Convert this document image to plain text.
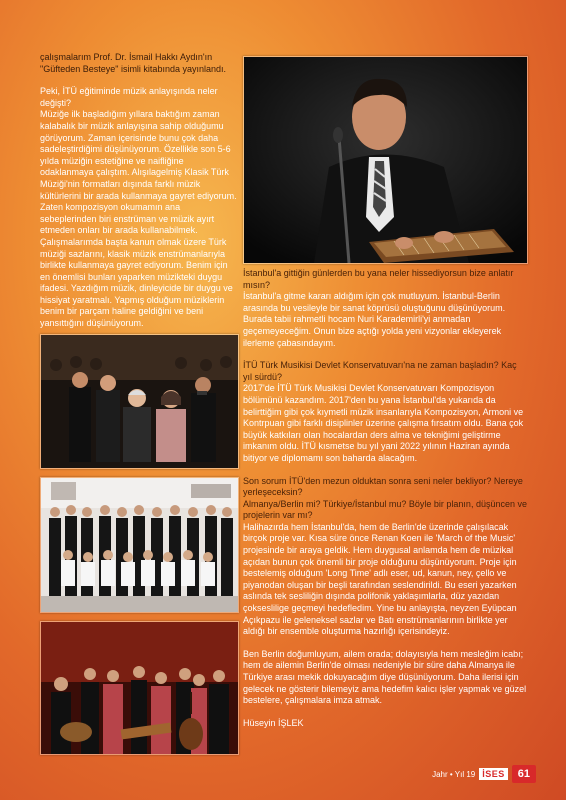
çalışmalarım Prof. Dr. İsmail Hakkı Aydın'ın "Güfteden Besteye" isimli kitabında yayınlandı.

Peki, İTÜ eğitiminde müzik anlayışında neler değişti?

Müziğe ilk başladığım yıllara baktığım zaman kalabalık bir müzik anlayışına sahip olduğumu görüyorum. Zaman içerisinde bunu çok daha sadeleştirdiğimi düşünüyorum. Özellikle son 5-6 yılda müziğin estetiğine ve naifliğine odaklanmaya çalıştım. Alışılagelmiş Klasik Türk Müziği'nin formatları dışında farklı müzik kültürlerini bir arada kullanmaya gayret ediyorum. Zaten kompozisyon okumamın ana sebeplerinden biri enstrüman ve müzik ayırt etmeden onları bir arada kullanabilmek. Çalışmalarımda başta kanun olmak üzere Türk müziği sazlarını, klasik müzik enstrümanlarıyla birlikte kullanmaya gayret ediyorum. Benim için en önemlisi bunları yaparken müzikteki duygu ifadesi. Yazdığım müzik, dinleyicide bir duygu ve hissiyat yaratmalı. Yapmış olduğum müziklerin benim bir parçam haline geldiğini ve beni yansıttığını düşünüyorum.

İstanbul'a gittiğin günlerden bu yana neler hissediyorsun bize anlatır mısın?

İstanbul'a gitme kararı aldığım için çok mutluyum. İstanbul-Berlin arasında bu vesileyle bir sanat köprüsü oluştuğunu düşünüyorum. Burada tabii rahmetli hocam Nuri Karademirli'yi anmadan geçemeyeceğim. Onun bize açtığı yolda yeni vizyonlar ekleyerek ilerleme çabasındayım.

İTÜ Türk Musikisi Devlet Konservatuvarı'na ne zaman başladın? Kaç yıl sürdü?

2017'de İTÜ Türk Musikisi Devlet Konservatuvarı Kompozisyon bölümünü kazandım. 2017'den bu yana İstanbul'da yukarıda da belirttiğim gibi çok kıymetli müzik insanlarıyla Kompozisyon, Armoni ve Kontrpuan gibi farklı disiplinler üzerine çalışma fırsatım oldu. Bana çok büyük katkıları olan hocalardan ders alma ve tekniğimi geliştirme imkanım oldu. İTÜ kısmetse bu yıl yani 2022 yılının Haziran ayında bitiyor ve diplomamı son baharda alacağım.

Son sorum İTÜ'den mezun olduktan sonra seni neler bekliyor? Nereye yerleşeceksin?

Almanya/Berlin mi? Türkiye/İstanbul mu? Böyle bir planın, düşüncen ve projelerin var mı?

Halihazırda hem İstanbul'da, hem de Berlin'de üzerinde çalışılacak birçok proje var. Kısa süre önce Renan Koen ile 'March of the Music' projesinde bir araya geldik. Hem duygusal anlamda hem de müzikal açıdan bunun çok önemli bir proje olduğunu düşünüyorum. Proje için bestelemiş olduğum 'Long Time' adlı eser, ud, kanun, ney, çello ve piyanodan oluşan bir beşli tarafından seslendirildi. Bu eseri yazarken aslında tek sesliliğin dışında polifonik yaklaşımlarla, düz yazıdan çokseslilige geçmeyi hedefledim. Yine bu anlayışta, neyzen Eyüpcan Açıkpazu ile geleneksel sazlar ve Batı enstrümanlarının birlikte yer aldığı bir ensemble oluşturma hazırlığı içerisindeyiz.

Ben Berlin doğumluyum, ailem orada; dolayısıyla hem mesleğim icabı; hem de ailemin Berlin'de olması nedeniyle bir süre daha Almanya ile Türkiye arası mekik dokuyacağım diye düşünüyorum. Daha ilerisi için gelecek ne gösterir bilemeyiz ama hedefim kalıcı işler yapmak ve güzel bestelere, çalışmalara imza atmak.

Hüseyin İŞLEK

Jahr • Yıl 19 İSES	61
